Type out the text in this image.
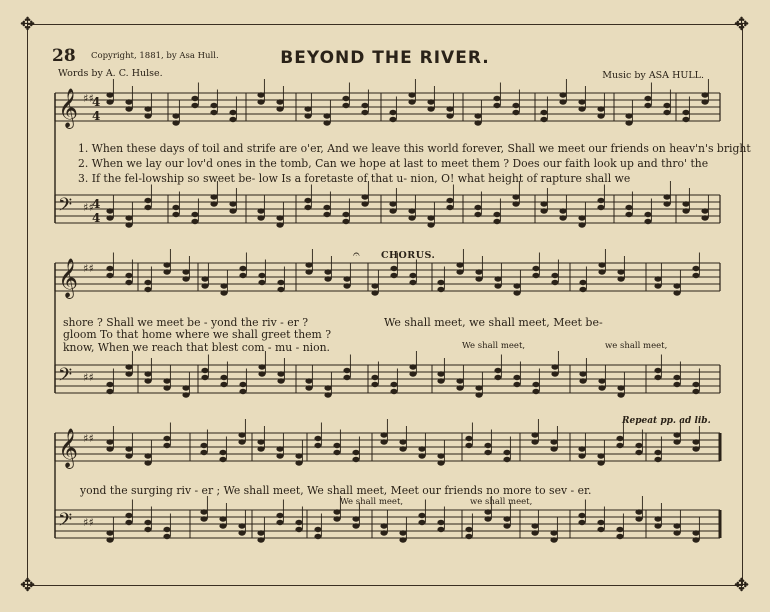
✥	✥
✥	✥
28 Copyright, 1881, by Asa Hull.	BEYOND THE RIVER.
Words by A. C. Hulse.	Music by ASA HULL.
𝄞 ♯♯
𝄢 ♯♯
𝄞 ♯♯
𝄢 ♯♯
𝄞 ♯♯
𝄢 ♯♯
4
4
4
4
𝄐
1. When these days of toil and strife are o'er, And we leave this world forever, Shall we meet our friends on heav'n's bright
2. When we lay our lov'd ones in the tomb, Can we hope at last to meet them ? Does our faith look up and thro' the
3. If the fel-lowship so sweet be- low Is a foretaste of that u- nion, O! what height of rapture shall we
CHORUS.
shore ? Shall we meet be - yond the riv - er ?
gloom To that home where we shall greet them ?
know, When we reach that blest com - mu - nion.
We shall meet, we shall meet, Meet be-
We shall meet,	we shall meet,
Repeat pp. ad lib.
yond the surging riv - er ; We shall meet, We shall meet, Meet our friends no more to sev - er.
We shall meet,	we shall meet,
